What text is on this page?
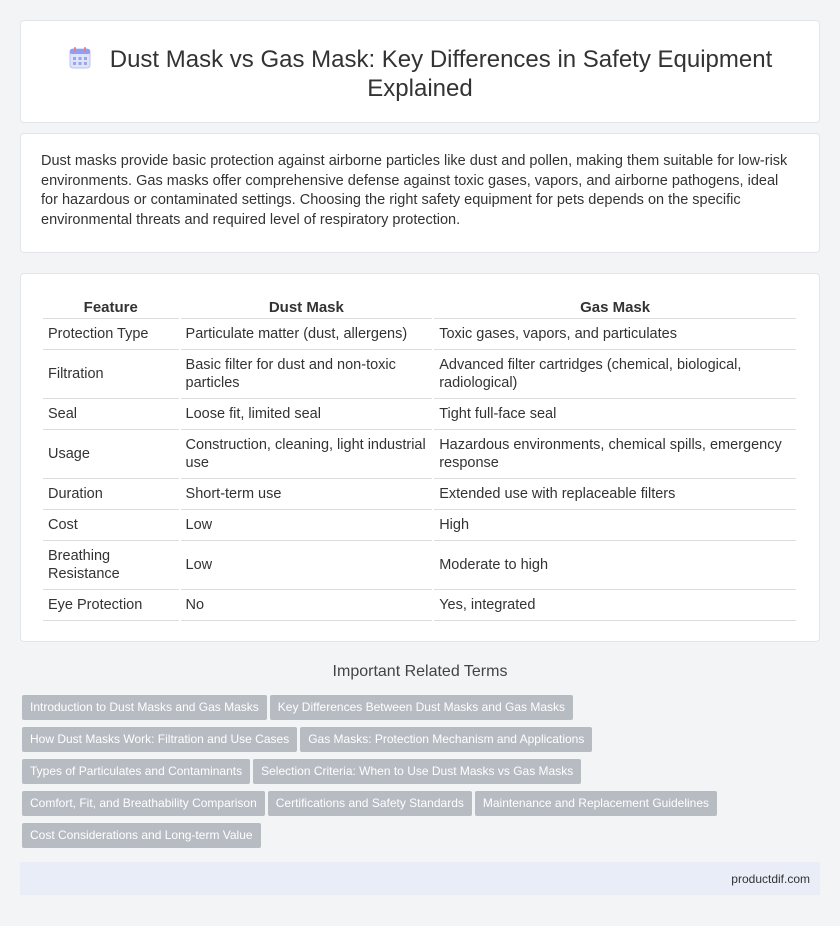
Dust Mask vs Gas Mask: Key Differences in Safety Equipment Explained

Dust masks provide basic protection against airborne particles like dust and pollen, making them suitable for low-risk environments. Gas masks offer comprehensive defense against toxic gases, vapors, and airborne pathogens, ideal for hazardous or contaminated settings. Choosing the right safety equipment for pets depends on the specific environmental threats and required level of respiratory protection.

Feature	Dust Mask	Gas Mask
Protection Type	Particulate matter (dust, allergens)	Toxic gases, vapors, and particulates
Filtration	Basic filter for dust and non-toxic particles	Advanced filter cartridges (chemical, biological, radiological)
Seal	Loose fit, limited seal	Tight full-face seal
Usage	Construction, cleaning, light industrial use	Hazardous environments, chemical spills, emergency response
Duration	Short-term use	Extended use with replaceable filters
Cost	Low	High
Breathing Resistance	Low	Moderate to high
Eye Protection	No	Yes, integrated
Important Related Terms
Introduction to Dust Masks and Gas Masks Key Differences Between Dust Masks and Gas Masks
How Dust Masks Work: Filtration and Use Cases Gas Masks: Protection Mechanism and Applications
Types of Particulates and Contaminants Selection Criteria: When to Use Dust Masks vs Gas Masks
Comfort, Fit, and Breathability Comparison Certifications and Safety Standards Maintenance and Replacement Guidelines
Cost Considerations and Long-term Value
productdif.com
